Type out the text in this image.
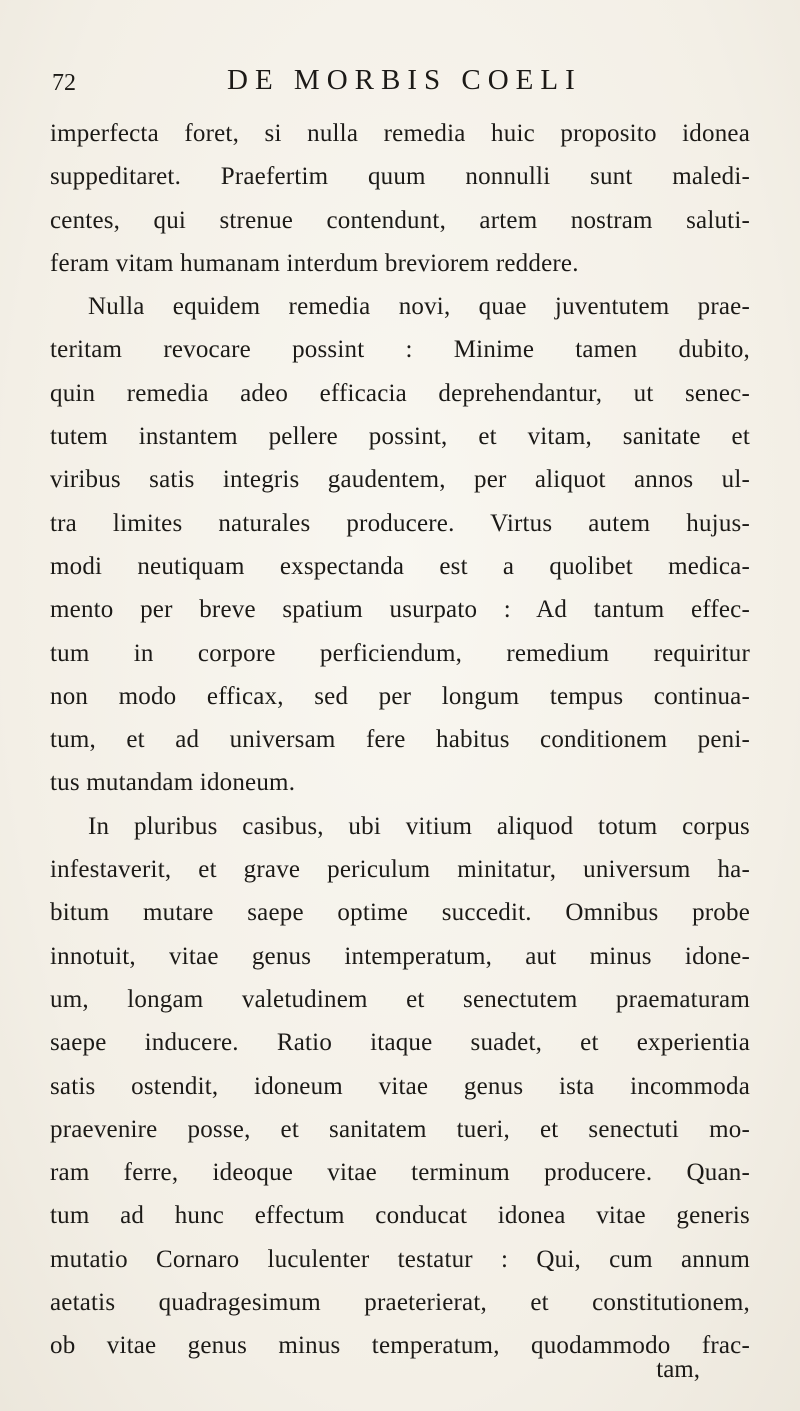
72	DE MORBIS COELI
imperfecta foret, si nulla remedia huic proposito idonea
suppeditaret. Praefertim quum nonnulli sunt maledi-
centes, qui strenue contendunt, artem nostram saluti-
feram vitam humanam interdum breviorem reddere.
Nulla equidem remedia novi, quae juventutem prae-
teritam revocare possint : Minime tamen dubito,
quin remedia adeo efficacia deprehendantur, ut senec-
tutem instantem pellere possint, et vitam, sanitate et
viribus satis integris gaudentem, per aliquot annos ul-
tra limites naturales producere. Virtus autem hujus-
modi neutiquam exspectanda est a quolibet medica-
mento per breve spatium usurpato : Ad tantum effec-
tum in corpore perficiendum, remedium requiritur
non modo efficax, sed per longum tempus continua-
tum, et ad universam fere habitus conditionem peni-
tus mutandam idoneum.
In pluribus casibus, ubi vitium aliquod totum corpus
infestaverit, et grave periculum minitatur, universum ha-
bitum mutare saepe optime succedit. Omnibus probe
innotuit, vitae genus intemperatum, aut minus idone-
um, longam valetudinem et senectutem praematuram
saepe inducere. Ratio itaque suadet, et experientia
satis ostendit, idoneum vitae genus ista incommoda
praevenire posse, et sanitatem tueri, et senectuti mo-
ram ferre, ideoque vitae terminum producere. Quan-
tum ad hunc effectum conducat idonea vitae generis
mutatio Cornaro luculenter testatur : Qui, cum annum
aetatis quadragesimum praeterierat, et constitutionem,
ob vitae genus minus temperatum, quodammodo frac-
tam,
